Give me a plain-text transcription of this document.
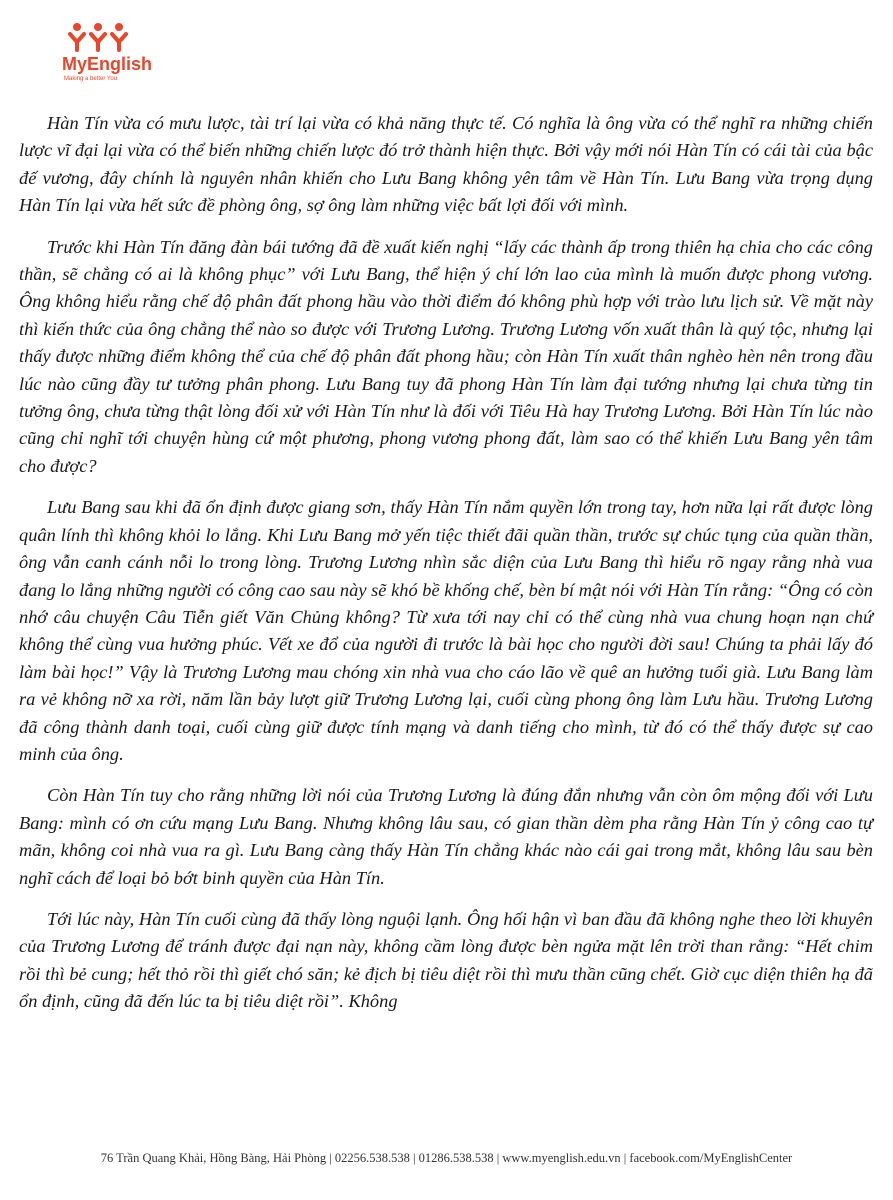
MyEnglish
Making a better You

Hàn Tín vừa có mưu lược, tài trí lại vừa có khả năng thực tế. Có nghĩa là ông vừa có thể nghĩ ra những chiến lược vĩ đại lại vừa có thể biến những chiến lược đó trở thành hiện thực. Bởi vậy mới nói Hàn Tín có cái tài của bậc đế vương, đây chính là nguyên nhân khiến cho Lưu Bang không yên tâm về Hàn Tín. Lưu Bang vừa trọng dụng Hàn Tín lại vừa hết sức đề phòng ông, sợ ông làm những việc bất lợi đối với mình.

Trước khi Hàn Tín đăng đàn bái tướng đã đề xuất kiến nghị “lấy các thành ấp trong thiên hạ chia cho các công thần, sẽ chẳng có ai là không phục” với Lưu Bang, thể hiện ý chí lớn lao của mình là muốn được phong vương. Ông không hiểu rằng chế độ phân đất phong hầu vào thời điểm đó không phù hợp với trào lưu lịch sử. Về mặt này thì kiến thức của ông chẳng thể nào so được với Trương Lương. Trương Lương vốn xuất thân là quý tộc, nhưng lại thấy được những điểm không thể của chế độ phân đất phong hầu; còn Hàn Tín xuất thân nghèo hèn nên trong đầu lúc nào cũng đầy tư tưởng phân phong. Lưu Bang tuy đã phong Hàn Tín làm đại tướng nhưng lại chưa từng tin tưởng ông, chưa từng thật lòng đối xử với Hàn Tín như là đối với Tiêu Hà hay Trương Lương. Bởi Hàn Tín lúc nào cũng chỉ nghĩ tới chuyện hùng cứ một phương, phong vương phong đất, làm sao có thể khiến Lưu Bang yên tâm cho được?

Lưu Bang sau khi đã ổn định được giang sơn, thấy Hàn Tín nắm quyền lớn trong tay, hơn nữa lại rất được lòng quân lính thì không khỏi lo lắng. Khi Lưu Bang mở yến tiệc thiết đãi quần thần, trước sự chúc tụng của quần thần, ông vẫn canh cánh nỗi lo trong lòng. Trương Lương nhìn sắc diện của Lưu Bang thì hiểu rõ ngay rằng nhà vua đang lo lắng những người có công cao sau này sẽ khó bề khống chế, bèn bí mật nói với Hàn Tín rằng: “Ông có còn nhớ câu chuyện Câu Tiễn giết Văn Chủng không? Từ xưa tới nay chỉ có thể cùng nhà vua chung hoạn nạn chứ không thể cùng vua hưởng phúc. Vết xe đổ của người đi trước là bài học cho người đời sau! Chúng ta phải lấy đó làm bài học!” Vậy là Trương Lương mau chóng xin nhà vua cho cáo lão về quê an hưởng tuổi già. Lưu Bang làm ra vẻ không nỡ xa rời, năm lần bảy lượt giữ Trương Lương lại, cuối cùng phong ông làm Lưu hầu. Trương Lương đã công thành danh toại, cuối cùng giữ được tính mạng và danh tiếng cho mình, từ đó có thể thấy được sự cao minh của ông.

Còn Hàn Tín tuy cho rằng những lời nói của Trương Lương là đúng đắn nhưng vẫn còn ôm mộng đối với Lưu Bang: mình có ơn cứu mạng Lưu Bang. Nhưng không lâu sau, có gian thần dèm pha rằng Hàn Tín ỷ công cao tự mãn, không coi nhà vua ra gì. Lưu Bang càng thấy Hàn Tín chẳng khác nào cái gai trong mắt, không lâu sau bèn nghĩ cách để loại bỏ bớt binh quyền của Hàn Tín.

Tới lúc này, Hàn Tín cuối cùng đã thấy lòng nguội lạnh. Ông hối hận vì ban đầu đã không nghe theo lời khuyên của Trương Lương để tránh được đại nạn này, không cầm lòng được bèn ngửa mặt lên trời than rằng: “Hết chim rồi thì bẻ cung; hết thỏ rồi thì giết chó săn; kẻ địch bị tiêu diệt rồi thì mưu thần cũng chết. Giờ cục diện thiên hạ đã ổn định, cũng đã đến lúc ta bị tiêu diệt rồi”. Không

76 Trần Quang Khải, Hồng Bàng, Hải Phòng | 02256.538.538 | 01286.538.538 | www.myenglish.edu.vn | facebook.com/MyEnglishCenter
